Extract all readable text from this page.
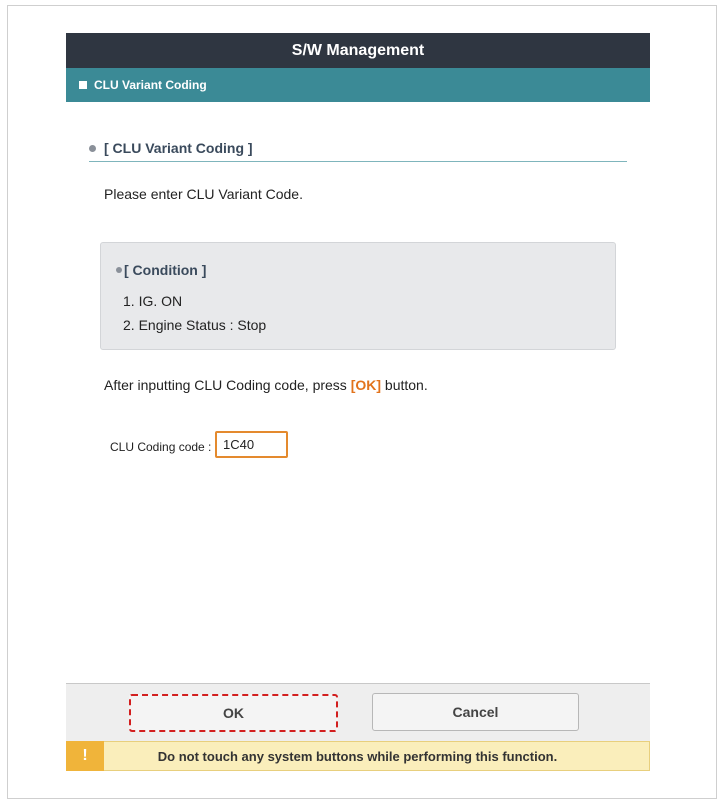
S/W Management
CLU Variant Coding
[ CLU Variant Coding ]
Please enter CLU Variant Code.
[ Condition ]
1. IG. ON
2. Engine Status : Stop
After inputting CLU Coding code, press [OK] button.
CLU Coding code :
1C40
OK	Cancel
!	Do not touch any system buttons while performing this function.
